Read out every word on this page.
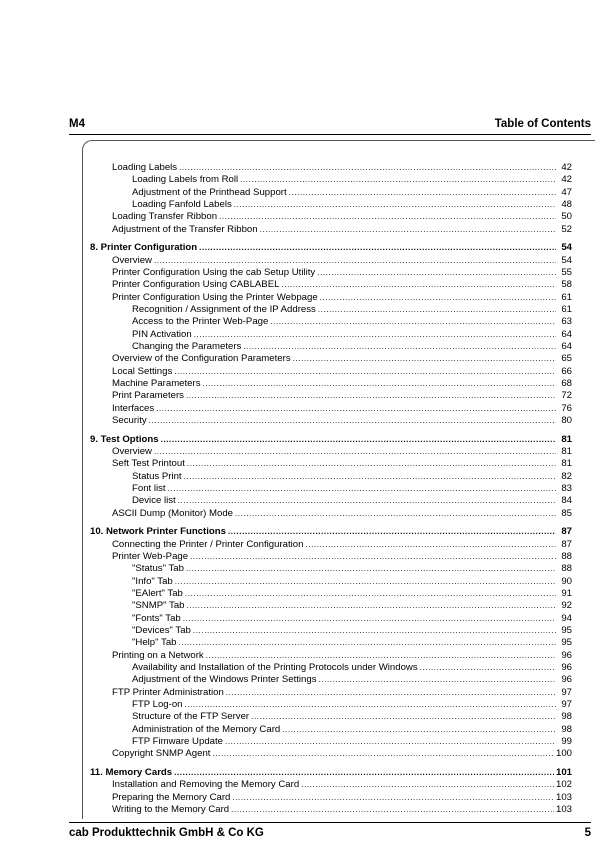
M4	Table of Contents
Loading Labels .....	42
Loading Labels from Roll .....	42
Adjustment of the Printhead Support .....	47
Loading Fanfold Labels .....	48
Loading Transfer Ribbon .....	50
Adjustment of the Transfer Ribbon .....	52
8. Printer Configuration .....	54
Overview .....	54
Printer Configuration Using the cab Setup Utility .....	55
Printer Configuration Using CABLABEL .....	58
Printer Configuration Using the Printer Webpage .....	61
Recognition / Assignment of the IP Address .....	61
Access to the Printer Web-Page .....	63
PIN Activation .....	64
Changing the Parameters .....	64
Overview of the Configuration Parameters .....	65
Local Settings .....	66
Machine Parameters .....	68
Print Parameters .....	72
Interfaces .....	76
Security .....	80
9. Test Options .....	81
Overview .....	81
Seft Test Printout .....	81
Status Print .....	82
Font list .....	83
Device list .....	84
ASCII Dump (Monitor) Mode .....	85
10. Network Printer Functions .....	87
Connecting the Printer / Printer Configuration .....	87
Printer Web-Page .....	88
"Status" Tab .....	88
"Info" Tab .....	90
"EAlert" Tab .....	91
"SNMP" Tab .....	92
"Fonts" Tab .....	94
"Devices" Tab .....	95
"Help" Tab .....	95
Printing on a Network .....	96
Availability and Installation of the Printing Protocols under Windows .....	96
Adjustment of the Windows Printer Settings .....	96
FTP Printer Administration .....	97
FTP Log-on .....	97
Structure of the FTP Server .....	98
Administration of the Memory Card .....	98
FTP Fimware Update .....	99
Copyright SNMP Agent .....	100
11. Memory Cards .....	101
Installation and Removing the Memory Card .....	102
Preparing the Memory Card .....	103
Writing to the Memory Card .....	103
cab Produkttechnik GmbH & Co KG	5
